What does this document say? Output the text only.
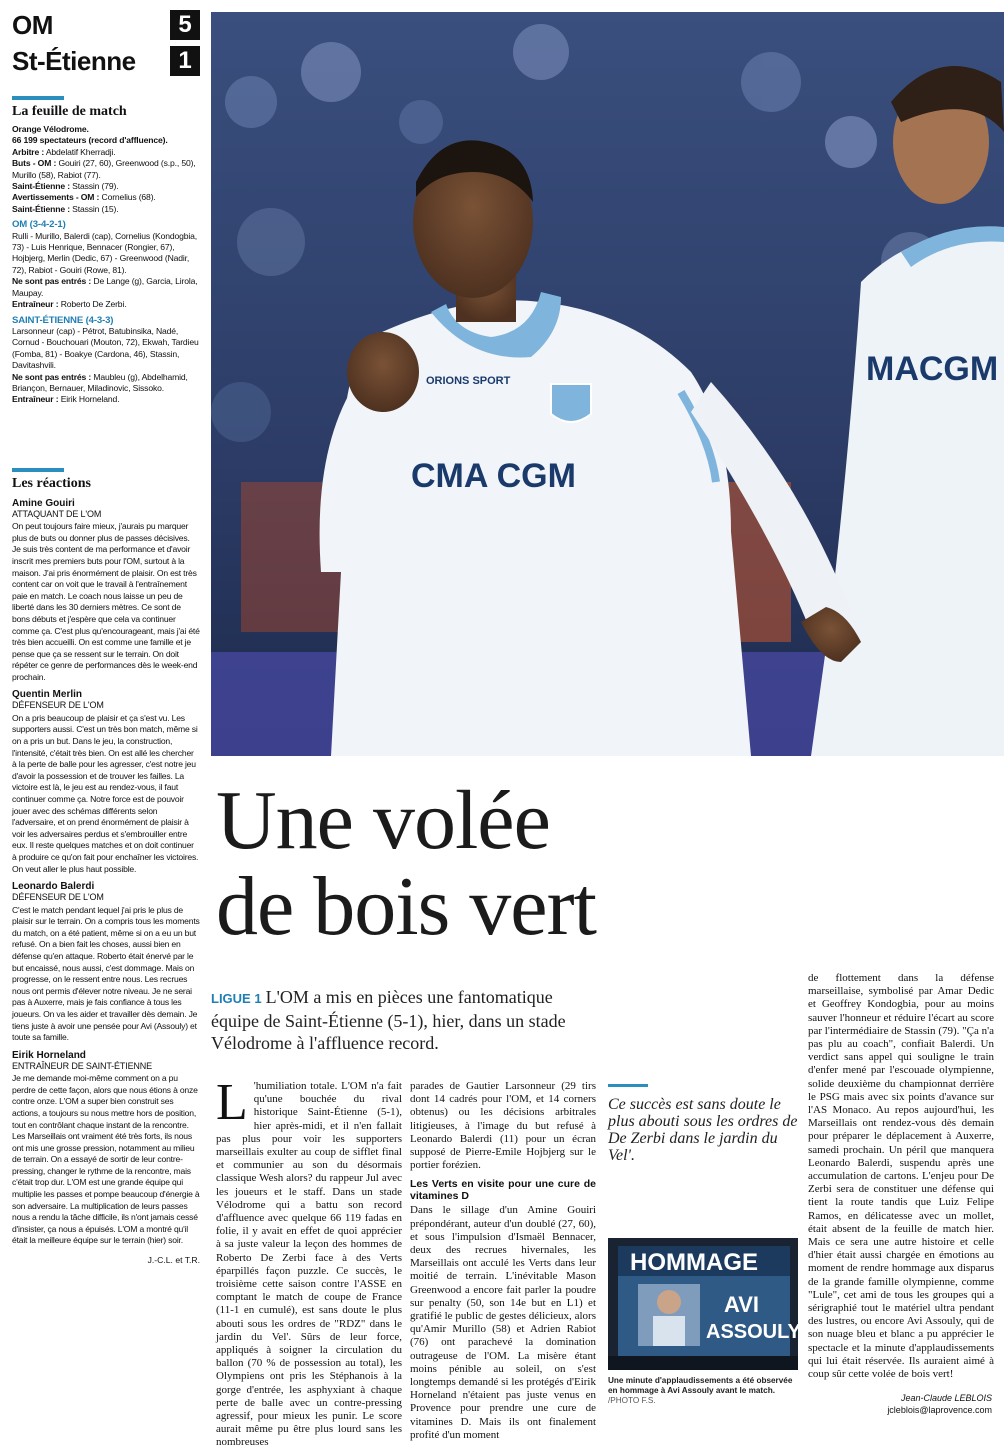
OM	5
St-Étienne	1
La feuille de match
Orange Vélodrome.
66 199 spectateurs (record d'affluence).
Arbitre : Abdelatif Kherradji.
Buts - OM : Gouiri (27, 60), Greenwood (s.p., 50), Murillo (58), Rabiot (77).
Saint-Étienne : Stassin (79).
Avertissements - OM : Cornelius (68).
Saint-Étienne : Stassin (15).
OM (3-4-2-1)
Rulli - Murillo, Balerdi (cap), Cornelius (Kondogbia, 73) - Luis Henrique, Bennacer (Rongier, 67), Hojbjerg, Merlin (Dedic, 67) - Greenwood (Nadir, 72), Rabiot - Gouiri (Rowe, 81).
Ne sont pas entrés : De Lange (g), Garcia, Lirola, Maupay.
Entraîneur : Roberto De Zerbi.
SAINT-ÉTIENNE (4-3-3)
Larsonneur (cap) - Pétrot, Batubinsika, Nadé, Cornud - Bouchouari (Mouton, 72), Ekwah, Tardieu (Fomba, 81) - Boakye (Cardona, 46), Stassin, Davitashvili.
Ne sont pas entrés : Maubleu (g), Abdelhamid, Briançon, Bernauer, Miladinovic, Sissoko.
Entraîneur : Eirik Horneland.
Les réactions
Amine Gouiri
ATTAQUANT DE L'OM
On peut toujours faire mieux, j'aurais pu marquer plus de buts ou donner plus de passes décisives. Je suis très content de ma performance et d'avoir inscrit mes premiers buts pour l'OM, surtout à la maison. J'ai pris énormément de plaisir. On est très content car on voit que le travail à l'entraînement paie en match. Le coach nous laisse un peu de liberté dans les 30 derniers mètres. Ce sont de bons débuts et j'espère que cela va continuer comme ça. C'est plus qu'encourageant, mais j'ai été très bien accueilli. On est comme une famille et je pense que ça se ressent sur le terrain. On doit répéter ce genre de performances dès le week-end prochain.
Quentin Merlin
DÉFENSEUR DE L'OM
On a pris beaucoup de plaisir et ça s'est vu. Les supporters aussi. C'est un très bon match, même si on a pris un but. Dans le jeu, la construction, l'intensité, c'était très bien. On est allé les chercher à la perte de balle pour les agresser, c'est notre jeu d'avoir la possession et de trouver les failles. La victoire est là, le jeu est au rendez-vous, il faut continuer comme ça. Notre force est de pouvoir jouer avec des schémas différents selon l'adversaire, et on prend énormément de plaisir à voir les adversaires perdus et s'embrouiller entre eux. Il reste quelques matches et on doit continuer à produire ce qu'on fait pour enchaîner les victoires. On veut aller le plus haut possible.
Leonardo Balerdi
DÉFENSEUR DE L'OM
C'est le match pendant lequel j'ai pris le plus de plaisir sur le terrain. On a compris tous les moments du match, on a été patient, même si on a eu un but refusé. On a bien fait les choses, aussi bien en défense qu'en attaque. Roberto était énervé par le but encaissé, nous aussi, c'est dommage. Mais on progresse, on le ressent entre nous. Les recrues nous ont permis d'élever notre niveau. Je ne serai pas à Auxerre, mais je fais confiance à tous les joueurs. On va les aider et travailler dès demain. Je tiens juste à avoir une pensée pour Avi (Assouly) et toute sa famille.
Eirik Horneland
ENTRAÎNEUR DE SAINT-ÉTIENNE
Je me demande moi-même comment on a pu perdre de cette façon, alors que nous étions à onze contre onze. L'OM a super bien construit ses actions, a toujours su nous mettre hors de position, tout en contrôlant chaque instant de la rencontre. Les Marseillais ont vraiment été très forts, ils nous ont mis une grosse pression, notamment au milieu de terrain. On a essayé de sortir de leur contre-pressing, changer le rythme de la rencontre, mais c'était trop dur. L'OM est une grande équipe qui multiplie les passes et pompe beaucoup d'énergie à son adversaire. La multiplication de leurs passes nous a rendu la tâche difficile, ils n'ont jamais cessé d'insister, ça nous a épuisés. L'OM a montré qu'il était la meilleure équipe sur le terrain (hier) soir.
J.-C.L. et T.R.
MACGM
CMA CGM
ORIONS SPORT
Une volée
de bois vert
LIGUE 1 L'OM a mis en pièces une fantomatique équipe de Saint-Étienne (5-1), hier, dans un stade Vélodrome à l'affluence record.
L 'humiliation totale. L'OM n'a fait qu'une bouchée du rival historique Saint-Étienne (5-1), hier après-midi, et il n'en fallait pas plus pour voir les supporters marseillais exulter au coup de sifflet final et communier au son du désormais classique Wesh alors? du rappeur Jul avec les joueurs et le staff. Dans un stade Vélodrome qui a battu son record d'affluence avec quelque 66 119 fadas en folie, il y avait en effet de quoi apprécier à sa juste valeur la leçon des hommes de Roberto De Zerbi face à des Verts éparpillés façon puzzle. Ce succès, le troisième cette saison contre l'ASSE en comptant le match de coupe de France (11-1 en cumulé), est sans doute le plus abouti sous les ordres de "RDZ" dans le jardin du Vel'. Sûrs de leur force, appliqués à soigner la circulation du ballon (70 % de possession au total), les Olympiens ont pris les Stéphanois à la gorge d'entrée, les asphyxiant à chaque perte de balle avec un contre-pressing agressif, pour mieux les punir. Le score aurait même pu être plus lourd sans les nombreuses
parades de Gautier Larsonneur (29 tirs dont 14 cadrés pour l'OM, et 14 corners obtenus) ou les décisions arbitrales litigieuses, à l'image du but refusé à Leonardo Balerdi (11) pour un écran supposé de Pierre-Emile Hojbjerg sur le portier forézien.
Les Verts en visite pour une cure de vitamines D
Dans le sillage d'un Amine Gouiri prépondérant, auteur d'un doublé (27, 60), et sous l'impulsion d'Ismaël Bennacer, deux des recrues hivernales, les Marseillais ont acculé les Verts dans leur moitié de terrain. L'inévitable Mason Greenwood a encore fait parler la poudre sur penalty (50, son 14e but en L1) et gratifié le public de gestes délicieux, alors qu'Amir Murillo (58) et Adrien Rabiot (76) ont parachevé la domination outrageuse de l'OM. La misère étant moins pénible au soleil, on s'est longtemps demandé si les protégés d'Eirik Horneland n'étaient pas juste venus en Provence pour prendre une cure de vitamines D. Mais ils ont finalement profité d'un moment
Ce succès est sans doute le plus abouti sous les ordres de De Zerbi dans le jardin du Vel'.
HOMMAGE
AVI
ASSOULY
Une minute d'applaudissements a été observée en hommage à Avi Assouly avant le match. /PHOTO F.S.
de flottement dans la défense marseillaise, symbolisé par Amar Dedic et Geoffrey Kondogbia, pour au moins sauver l'honneur et réduire l'écart au score par l'intermédiaire de Stassin (79). "Ça n'a pas plu au coach", confiait Balerdi. Un verdict sans appel qui souligne le train d'enfer mené par l'escouade olympienne, solide deuxième du championnat derrière le PSG mais avec six points d'avance sur l'AS Monaco. Au repos aujourd'hui, les Marseillais ont rendez-vous dès demain pour préparer le déplacement à Auxerre, samedi prochain. Un péril que manquera Leonardo Balerdi, suspendu après une accumulation de cartons. L'enjeu pour De Zerbi sera de constituer une défense qui tient la route tandis que Luiz Felipe Ramos, en délicatesse avec un mollet, était absent de la feuille de match hier. Mais ce sera une autre histoire et celle d'hier était aussi chargée en émotions au moment de rendre hommage aux disparus de la grande famille olympienne, comme "Lule", cet ami de tous les groupes qui a sérigraphié tout le matériel ultra pendant des lustres, ou encore Avi Assouly, qui de son nuage bleu et blanc a pu apprécier le spectacle et la minute d'applaudissements qui lui était réservée. Ils auraient aimé à coup sûr cette volée de bois vert!
Jean-Claude LEBLOIS
jcleblois@laprovence.com
